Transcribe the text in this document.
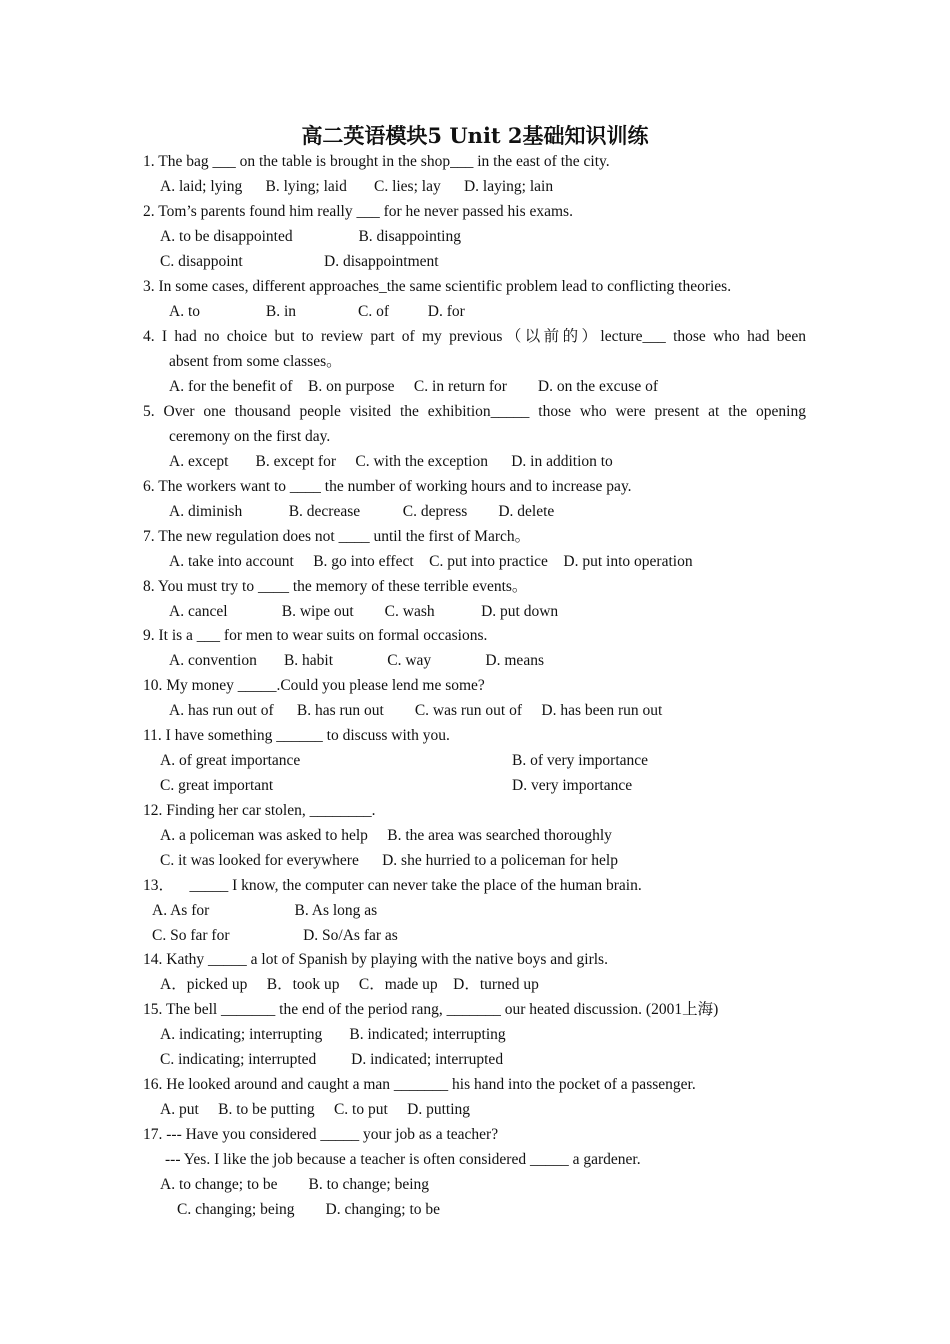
高二英语模块5 Unit 2基础知识训练
1. The bag ___ on the table is brought in the shop___ in the east of the city.
A. laid; lying      B. lying; laid       C. lies; lay      D. laying; lain
2. Tom’s parents found him really ___ for he never passed his exams.
A. to be disappointed                 B. disappointing
C. disappoint                     D. disappointment
3. In some cases, different approaches_the same scientific problem lead to conflicting theories.
A. to                 B. in                C. of          D. for
4. I had no choice but to review part of my previous（以前的）lecture___ those who had been
absent from some classes。
A. for the benefit of    B. on purpose     C. in return for        D. on the excuse of
5. Over one thousand people visited the exhibition_____ those who were present at the opening
ceremony on the first day.
A. except       B. except for     C. with the exception      D. in addition to
6. The workers want to ____ the number of working hours and to increase pay.
A. diminish            B. decrease           C. depress        D. delete
7. The new regulation does not ____ until the first of March。
A. take into account     B. go into effect    C. put into practice    D. put into operation
8. You must try to ____ the memory of these terrible events。
A. cancel              B. wipe out        C. wash            D. put down
9. It is a ___ for men to wear suits on formal occasions.
A. convention       B. habit              C. way              D. means
10. My money _____.Could you please lend me some?
A. has run out of      B. has run out        C. was run out of     D. has been run out
11. I have something ______ to discuss with you.
A. of great importance	B. of very importance
C. great important	D. very importance
12. Finding her car stolen, ________.
A. a policeman was asked to help     B. the area was searched thoroughly
C. it was looked for everywhere      D. she hurried to a policeman for help
13．    _____ I know, the computer can never take the place of the human brain.
A. As for                      B. As long as
C. So far for                   D. So/As far as
14. Kathy _____ a lot of Spanish by playing with the native boys and girls.
A．picked up     B．took up     C．made up    D．turned up
15. The bell _______ the end of the period rang, _______ our heated discussion. (2001上海)
A. indicating; interrupting       B. indicated; interrupting
C. indicating; interrupted         D. indicated; interrupted
16. He looked around and caught a man _______ his hand into the pocket of a passenger.
A. put     B. to be putting     C. to put     D. putting
17. --- Have you considered _____ your job as a teacher?
--- Yes. I like the job because a teacher is often considered _____ a gardener.
A. to change; to be        B. to change; being
C. changing; being        D. changing; to be
